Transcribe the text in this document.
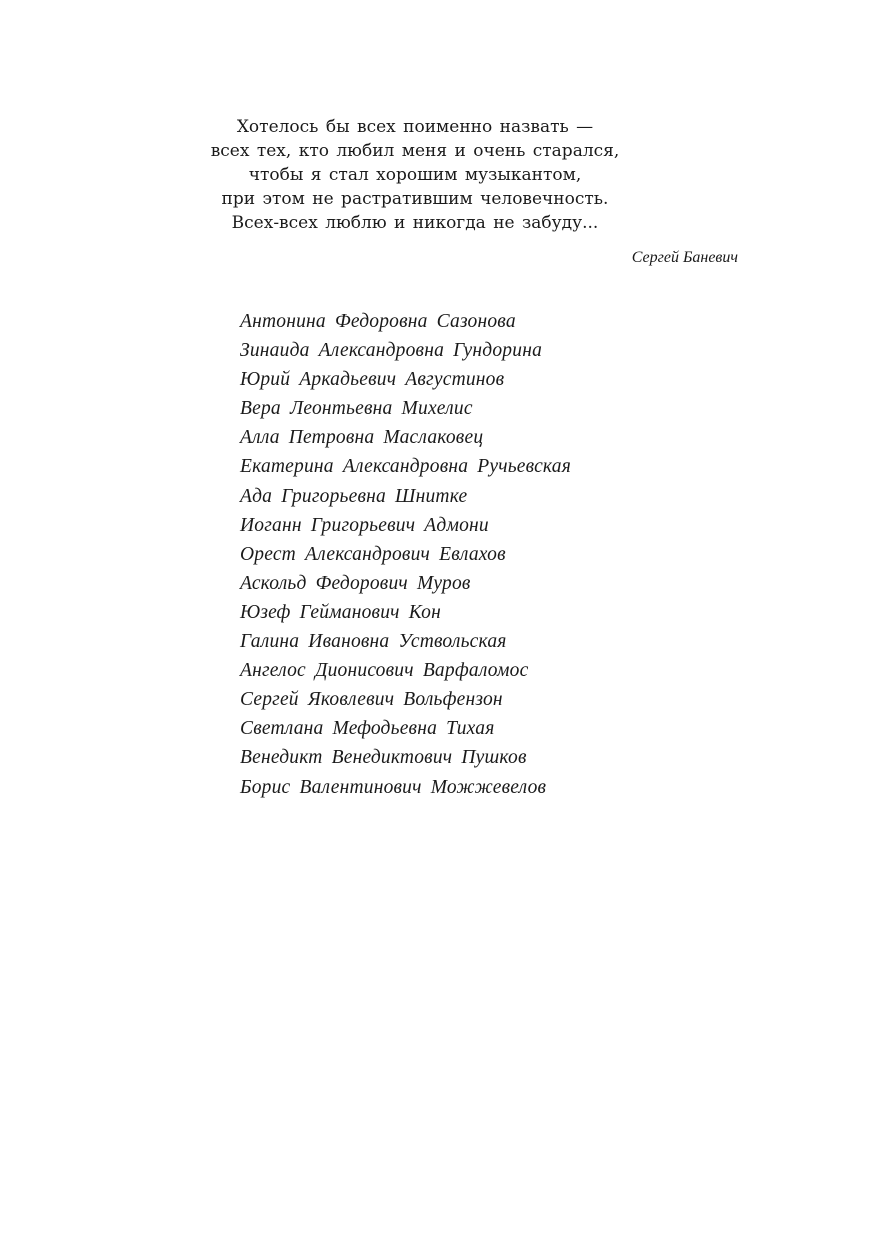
Хотелось бы всех поименно назвать —
всех тех, кто любил меня и очень старался,
чтобы я стал хорошим музыкантом,
при этом не растратившим человечность.
Всех-всех люблю и никогда не забуду...
Сергей Баневич
Антонина Федоровна Сазонова
Зинаида Александровна Гундорина
Юрий Аркадьевич Августинов
Вера Леонтьевна Михелис
Алла Петровна Маслаковец
Екатерина Александровна Ручьевская
Ада Григорьевна Шнитке
Иоганн Григорьевич Адмони
Орест Александрович Евлахов
Аскольд Федорович Муров
Юзеф Гейманович Кон
Галина Ивановна Уствольская
Ангелос Дионисович Варфаломос
Сергей Яковлевич Вольфензон
Светлана Мефодьевна Тихая
Венедикт Венедиктович Пушков
Борис Валентинович Можжевелов
